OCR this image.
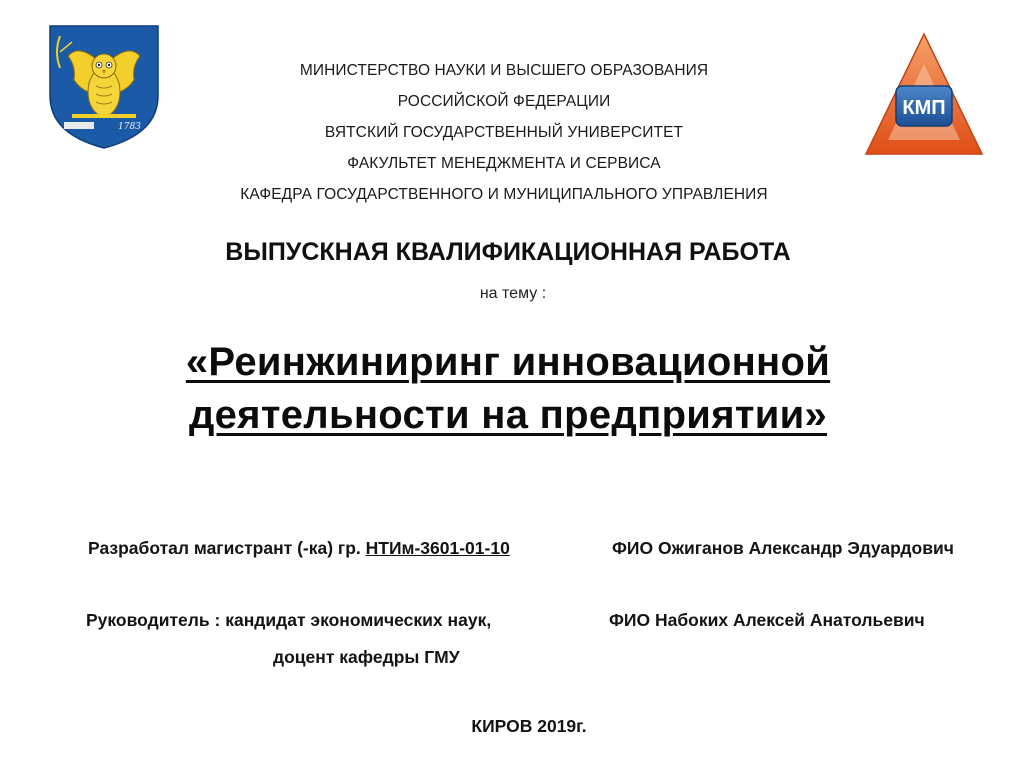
1783
КМП
МИНИСТЕРСТВО НАУКИ И ВЫСШЕГО ОБРАЗОВАНИЯ
РОССИЙСКОЙ ФЕДЕРАЦИИ
ВЯТСКИЙ ГОСУДАРСТВЕННЫЙ УНИВЕРСИТЕТ
ФАКУЛЬТЕТ МЕНЕДЖМЕНТА И СЕРВИСА
КАФЕДРА ГОСУДАРСТВЕННОГО И МУНИЦИПАЛЬНОГО УПРАВЛЕНИЯ
ВЫПУСКНАЯ КВАЛИФИКАЦИОННАЯ РАБОТА
на тему :
«Реинжиниринг инновационной
деятельности на предприятии»
Разработал магистрант (-ка) гр. НТИм-3601-01-10	ФИО Ожиганов Александр Эдуардович
Руководитель : кандидат экономических наук,	ФИО Набоких Алексей Анатольевич
доцент кафедры ГМУ
КИРОВ 2019г.
